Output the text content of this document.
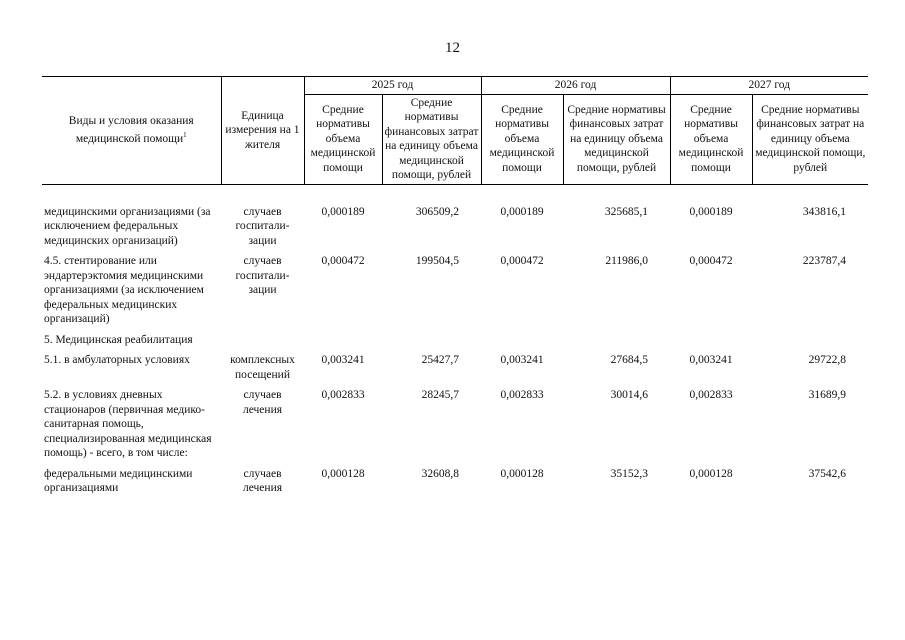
12
Виды и условия оказания медицинской помощи$^1$	Единица измерения на 1 жителя	2025 год		2026 год		2027 год	
		Средние нормативы объема медицинской помощи	Средние нормативы финансовых затрат на единицу объема медицинской помощи, рублей	Средние нормативы объема медицинской помощи	Средние нормативы финансовых затрат на единицу объема медицинской помощи, рублей	Средние нормативы объема медицинской помощи	Средние нормативы финансовых затрат на единицу объема медицинской помощи, рублей

медицинскими организациями (за исключением федеральных медицинских организаций)	случаев госпитали-зации	0,000189	306509,2	0,000189	325685,1	0,000189	343816,1
4.5. стентирование или эндартерэктомия медицинскими организациями (за исключением федеральных медицинских организаций)	случаев госпитали-зации	0,000472	199504,5	0,000472	211986,0	0,000472	223787,4
5. Медицинская реабилитация							
5.1. в амбулаторных условиях	комплексных посещений	0,003241	25427,7	0,003241	27684,5	0,003241	29722,8
5.2. в условиях дневных стационаров (первичная медико-санитарная помощь, специализированная медицинская помощь) - всего, в том числе:	случаев лечения	0,002833	28245,7	0,002833	30014,6	0,002833	31689,9
федеральными медицинскими организациями	случаев лечения	0,000128	32608,8	0,000128	35152,3	0,000128	37542,6
